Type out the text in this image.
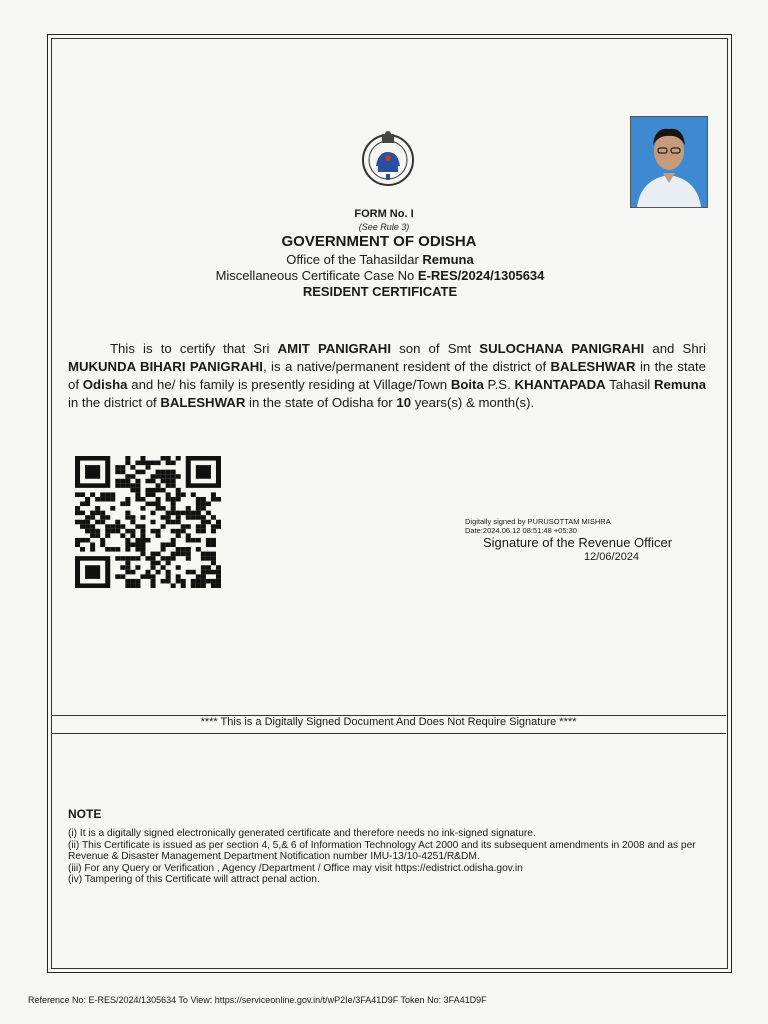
FORM No. I
(See Rule 3)
GOVERNMENT OF ODISHA
Office of the Tahasildar Remuna
Miscellaneous Certificate Case No E-RES/2024/1305634
RESIDENT CERTIFICATE
This is to certify that Sri AMIT PANIGRAHI son of Smt SULOCHANA PANIGRAHI and Shri MUKUNDA BIHARI PANIGRAHI, is a native/permanent resident of the district of BALESHWAR in the state of Odisha and he/ his family is presently residing at Village/Town Boita P.S. KHANTAPADA Tahasil Remuna in the district of BALESHWAR in the state of Odisha for 10 years(s) & month(s).
Digitally signed by PURUSOTTAM MISHRA
Date:2024.06.12 08:51:48 +05:30
Signature of the Revenue Officer
12/06/2024
**** This is a Digitally Signed Document And Does Not Require Signature ****
NOTE
(i) It is a digitally signed electronically generated certificate and therefore needs no ink-signed signature.
(ii) This Certificate is issued as per section 4, 5,& 6 of Information Technology Act 2000 and its subsequent amendments in 2008 and as per Revenue & Disaster Management Department Notification number IMU-13/10-4251/R&DM.
(iii) For any Query or Verification , Agency /Department / Office may visit https://edistrict.odisha.gov.in
(iv) Tampering of this Certificate will attract penal action.
Reference No: E-RES/2024/1305634 To View: https://serviceonline.gov.in/t/wP2Ie/3FA41D9F Token No: 3FA41D9F
